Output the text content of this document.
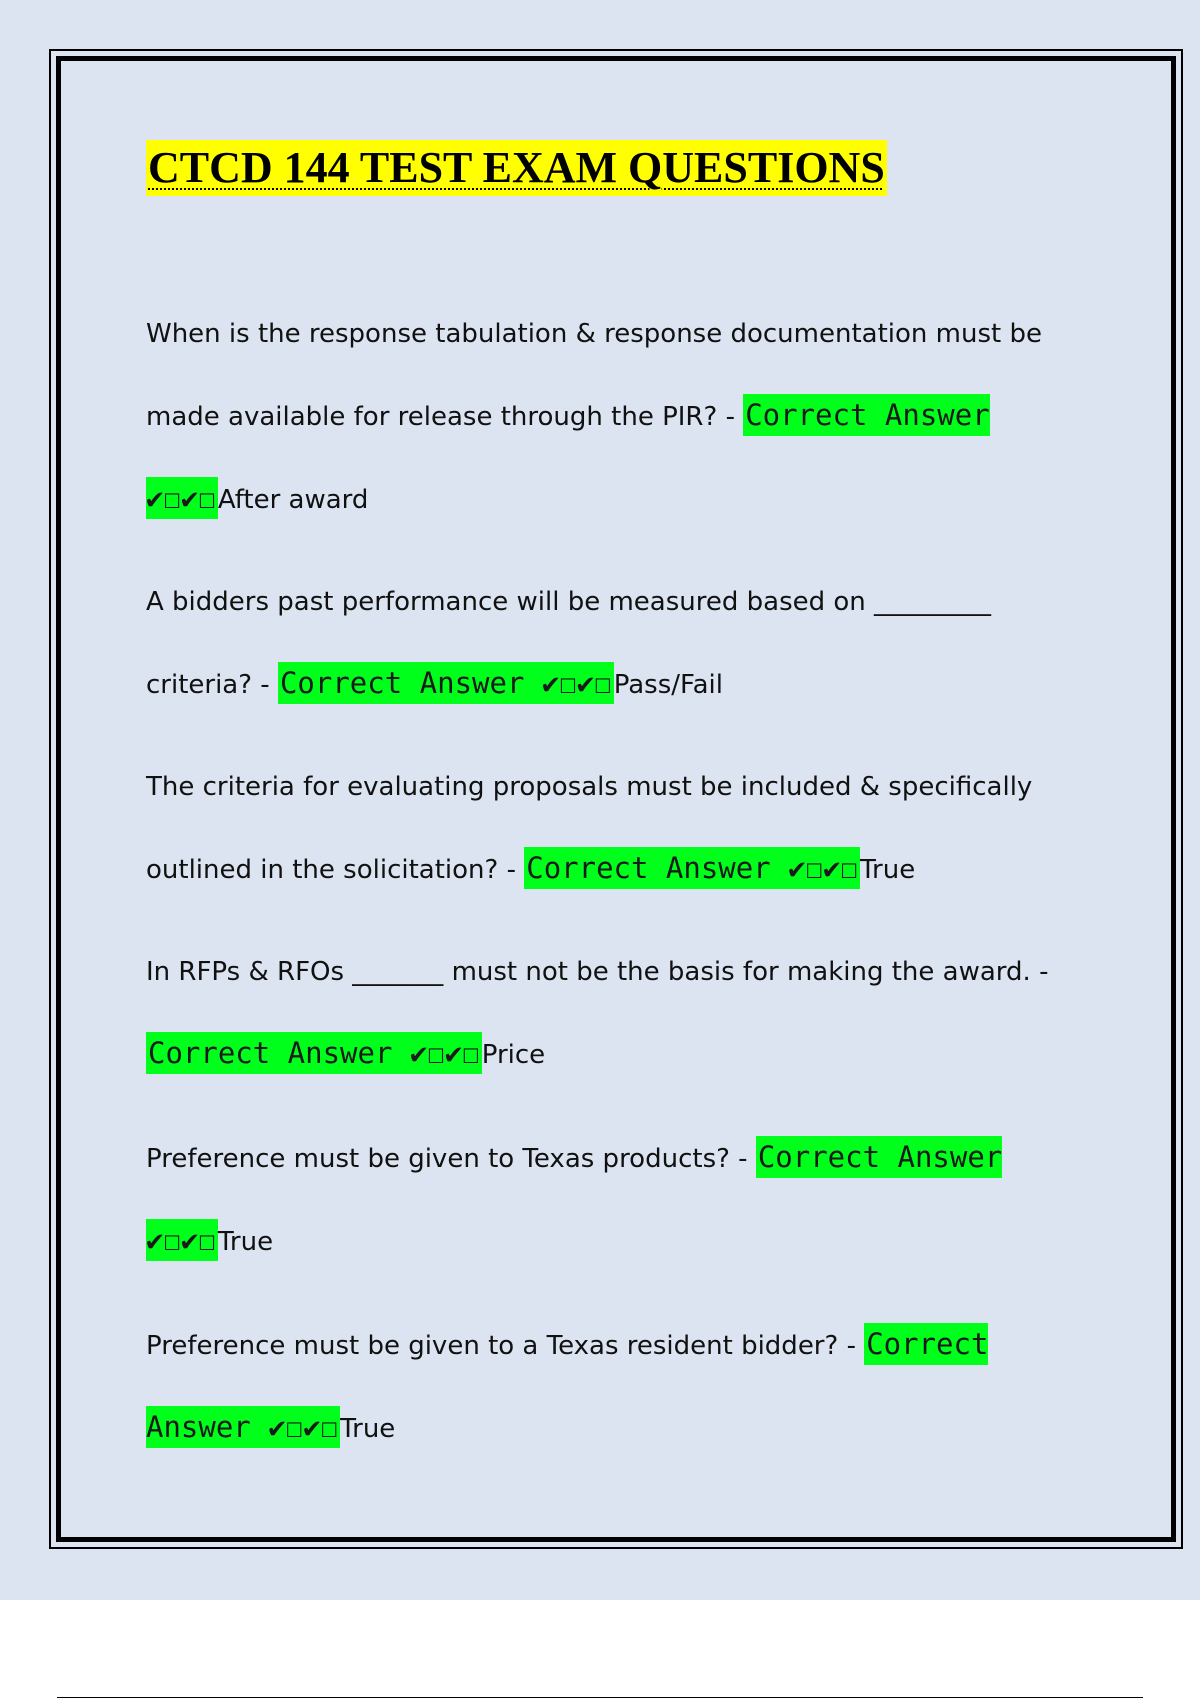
CTCD 144 TEST EXAM QUESTIONS

When is the response tabulation & response documentation must be made available for release through the PIR? - Correct Answer ✔☐✔☐After award

A bidders past performance will be measured based on _________ criteria? - Correct Answer ✔☐✔☐Pass/Fail

The criteria for evaluating proposals must be included & specifically outlined in the solicitation? - Correct Answer ✔☐✔☐True

In RFPs & RFOs _______ must not be the basis for making the award. - Correct Answer ✔☐✔☐Price

Preference must be given to Texas products? - Correct Answer ✔☐✔☐True

Preference must be given to a Texas resident bidder? - Correct Answer ✔☐✔☐True
